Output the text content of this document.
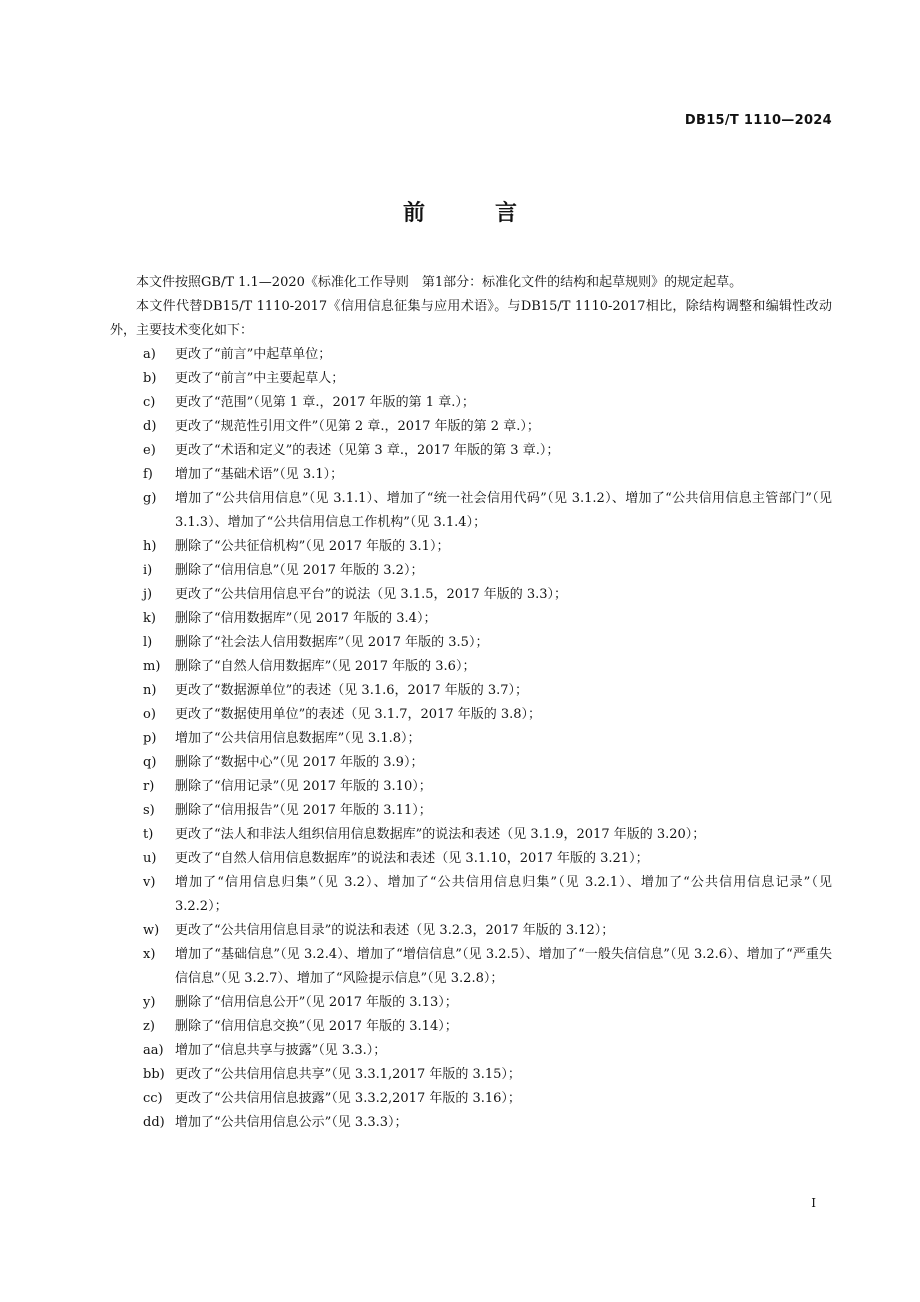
DB15/T 1110—2024
前　言

本文件按照GB/T 1.1—2020《标准化工作导则　第1部分：标准化文件的结构和起草规则》的规定起草。

本文件代替DB15/T 1110-2017《信用信息征集与应用术语》。与DB15/T 1110-2017相比，除结构调整和编辑性改动外，主要技术变化如下：

a) 更改了“前言”中起草单位；
b) 更改了“前言”中主要起草人；
c) 更改了“范围”（见第 1 章.，2017 年版的第 1 章.）；
d) 更改了“规范性引用文件”（见第 2 章.，2017 年版的第 2 章.）；
e) 更改了“术语和定义”的表述（见第 3 章.，2017 年版的第 3 章.）；
f) 增加了“基础术语”（见 3.1）；
g) 增加了“公共信用信息”（见 3.1.1）、增加了“统一社会信用代码”（见 3.1.2）、增加了“公共信用信息主管部门”（见 3.1.3）、增加了“公共信用信息工作机构”（见 3.1.4）；
h) 删除了“公共征信机构”（见 2017 年版的 3.1）；
i) 删除了“信用信息”（见 2017 年版的 3.2）；
j) 更改了“公共信用信息平台”的说法（见 3.1.5，2017 年版的 3.3）；
k) 删除了“信用数据库”（见 2017 年版的 3.4）；
l) 删除了“社会法人信用数据库”（见 2017 年版的 3.5）；
m) 删除了“自然人信用数据库”（见 2017 年版的 3.6）；
n) 更改了“数据源单位”的表述（见 3.1.6，2017 年版的 3.7）；
o) 更改了“数据使用单位”的表述（见 3.1.7，2017 年版的 3.8）；
p) 增加了“公共信用信息数据库”（见 3.1.8）；
q) 删除了“数据中心”（见 2017 年版的 3.9）；
r) 删除了“信用记录”（见 2017 年版的 3.10）；
s) 删除了“信用报告”（见 2017 年版的 3.11）；
t) 更改了“法人和非法人组织信用信息数据库”的说法和表述（见 3.1.9，2017 年版的 3.20）；
u) 更改了“自然人信用信息数据库”的说法和表述（见 3.1.10，2017 年版的 3.21）；
v) 增加了“信用信息归集”（见 3.2）、增加了“公共信用信息归集”（见 3.2.1）、增加了“公共信用信息记录”（见 3.2.2）；
w) 更改了“公共信用信息目录”的说法和表述（见 3.2.3，2017 年版的 3.12）；
x) 增加了“基础信息”（见 3.2.4）、增加了“增信信息”（见 3.2.5）、增加了“一般失信信息”（见 3.2.6）、增加了“严重失信信息”（见 3.2.7）、增加了“风险提示信息”（见 3.2.8）；
y) 删除了“信用信息公开”（见 2017 年版的 3.13）；
z) 删除了“信用信息交换”（见 2017 年版的 3.14）；
aa) 增加了“信息共享与披露”（见 3.3.）；
bb) 更改了“公共信用信息共享”（见 3.3.1,2017 年版的 3.15）；
cc) 更改了“公共信用信息披露”（见 3.3.2,2017 年版的 3.16）；
dd) 增加了“公共信用信息公示”（见 3.3.3）；
I
